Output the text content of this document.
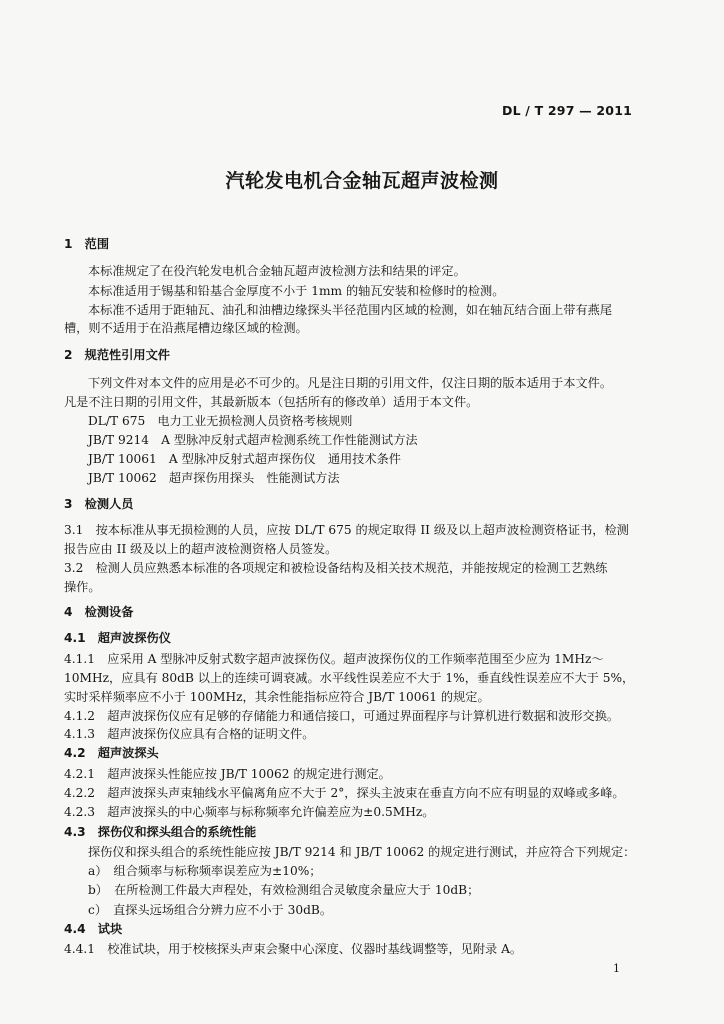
DL / T 297 — 2011
汽轮发电机合金轴瓦超声波检测
1　范围
本标准规定了在役汽轮发电机合金轴瓦超声波检测方法和结果的评定。
本标准适用于锡基和铅基合金厚度不小于 1mm 的轴瓦安装和检修时的检测。
本标准不适用于距轴瓦、油孔和油槽边缘探头半径范围内区域的检测，如在轴瓦结合面上带有燕尾
槽，则不适用于在沿燕尾槽边缘区域的检测。
2　规范性引用文件
下列文件对本文件的应用是必不可少的。凡是注日期的引用文件，仅注日期的版本适用于本文件。
凡是不注日期的引用文件，其最新版本（包括所有的修改单）适用于本文件。
DL/T 675　电力工业无损检测人员资格考核规则
JB/T 9214　A 型脉冲反射式超声检测系统工作性能测试方法
JB/T 10061　A 型脉冲反射式超声探伤仪　通用技术条件
JB/T 10062　超声探伤用探头　性能测试方法
3　检测人员
3.1　按本标准从事无损检测的人员，应按 DL/T 675 的规定取得 II 级及以上超声波检测资格证书，检测
报告应由 II 级及以上的超声波检测资格人员签发。
3.2　检测人员应熟悉本标准的各项规定和被检设备结构及相关技术规范，并能按规定的检测工艺熟练
操作。
4　检测设备
4.1　超声波探伤仪
4.1.1　应采用 A 型脉冲反射式数字超声波探伤仪。超声波探伤仪的工作频率范围至少应为 1MHz～
10MHz，应具有 80dB 以上的连续可调衰减。水平线性误差应不大于 1%，垂直线性误差应不大于 5%，
实时采样频率应不小于 100MHz，其余性能指标应符合 JB/T 10061 的规定。
4.1.2　超声波探伤仪应有足够的存储能力和通信接口，可通过界面程序与计算机进行数据和波形交换。
4.1.3　超声波探伤仪应具有合格的证明文件。
4.2　超声波探头
4.2.1　超声波探头性能应按 JB/T 10062 的规定进行测定。
4.2.2　超声波探头声束轴线水平偏离角应不大于 2°，探头主波束在垂直方向不应有明显的双峰或多峰。
4.2.3　超声波探头的中心频率与标称频率允许偏差应为±0.5MHz。
4.3　探伤仪和探头组合的系统性能
探伤仪和探头组合的系统性能应按 JB/T 9214 和 JB/T 10062 的规定进行测试，并应符合下列规定：
a）　组合频率与标称频率误差应为±10%；
b）　在所检测工件最大声程处，有效检测组合灵敏度余量应大于 10dB；
c）　直探头远场组合分辨力应不小于 30dB。
4.4　试块
4.4.1　校准试块，用于校核探头声束会聚中心深度、仪器时基线调整等，见附录 A。
1
